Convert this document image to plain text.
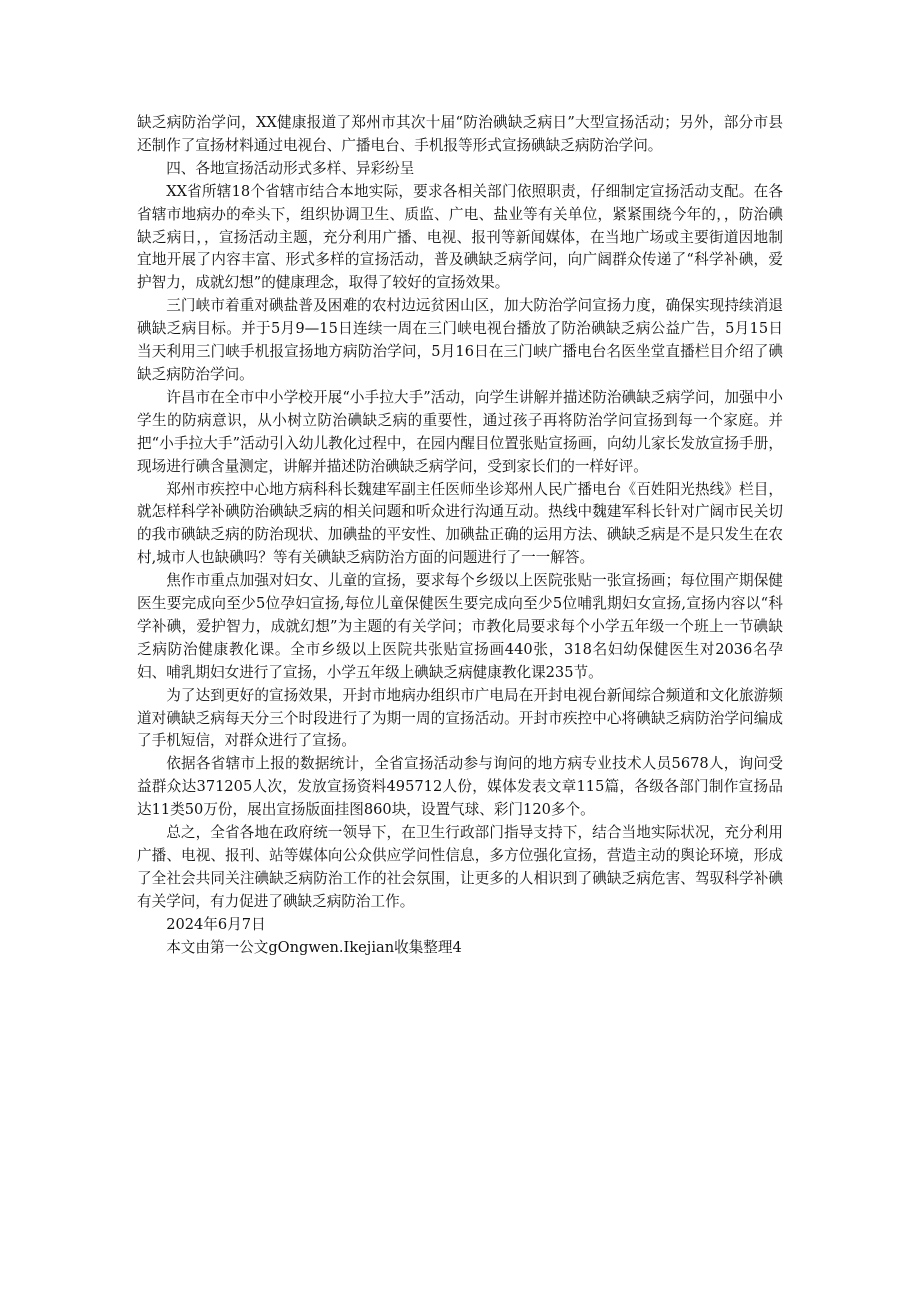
缺乏病防治学问，XX健康报道了郑州市其次十届“防治碘缺乏病日”大型宣扬活动；另外，部分市县还制作了宣扬材料通过电视台、广播电台、手机报等形式宣扬碘缺乏病防治学问。

四、各地宣扬活动形式多样、异彩纷呈

XX省所辖18个省辖市结合本地实际，要求各相关部门依照职责，仔细制定宣扬活动支配。在各省辖市地病办的牵头下，组织协调卫生、质监、广电、盐业等有关单位，紧紧围绕今年的，，防治碘缺乏病日，，宣扬活动主题，充分利用广播、电视、报刊等新闻媒体，在当地广场或主要街道因地制宜地开展了内容丰富、形式多样的宣扬活动，普及碘缺乏病学问，向广阔群众传递了“科学补碘，爱护智力，成就幻想”的健康理念，取得了较好的宣扬效果。

三门峡市着重对碘盐普及困难的农村边远贫困山区，加大防治学问宣扬力度，确保实现持续消退碘缺乏病目标。并于5月9—15日连续一周在三门峡电视台播放了防治碘缺乏病公益广告，5月15日当天利用三门峡手机报宣扬地方病防治学问，5月16日在三门峡广播电台名医坐堂直播栏目介绍了碘缺乏病防治学问。

许昌市在全市中小学校开展“小手拉大手”活动，向学生讲解并描述防治碘缺乏病学问，加强中小学生的防病意识，从小树立防治碘缺乏病的重要性，通过孩子再将防治学问宣扬到每一个家庭。并把“小手拉大手”活动引入幼儿教化过程中，在园内醒目位置张贴宣扬画，向幼儿家长发放宣扬手册，现场进行碘含量测定，讲解并描述防治碘缺乏病学问，受到家长们的一样好评。

郑州市疾控中心地方病科科长魏建军副主任医师坐诊郑州人民广播电台《百姓阳光热线》栏目，就怎样科学补碘防治碘缺乏病的相关问题和听众进行沟通互动。热线中魏建军科长针对广阔市民关切的我市碘缺乏病的防治现状、加碘盐的平安性、加碘盐正确的运用方法、碘缺乏病是不是只发生在农村,城市人也缺碘吗？等有关碘缺乏病防治方面的问题进行了一一解答。

焦作市重点加强对妇女、儿童的宣扬，要求每个乡级以上医院张贴一张宣扬画；每位围产期保健医生要完成向至少5位孕妇宣扬,每位儿童保健医生要完成向至少5位哺乳期妇女宣扬,宣扬内容以“科学补碘，爱护智力，成就幻想”为主题的有关学问；市教化局要求每个小学五年级一个班上一节碘缺乏病防治健康教化课。全市乡级以上医院共张贴宣扬画440张，318名妇幼保健医生对2036名孕妇、哺乳期妇女进行了宣扬，小学五年级上碘缺乏病健康教化课235节。

为了达到更好的宣扬效果，开封市地病办组织市广电局在开封电视台新闻综合频道和文化旅游频道对碘缺乏病每天分三个时段进行了为期一周的宣扬活动。开封市疾控中心将碘缺乏病防治学问编成了手机短信，对群众进行了宣扬。

依据各省辖市上报的数据统计，全省宣扬活动参与询问的地方病专业技术人员5678人，询问受益群众达371205人次，发放宣扬资料495712人份，媒体发表文章115篇，各级各部门制作宣扬品达11类50万份，展出宣扬版面挂图860块，设置气球、彩门120多个。

总之，全省各地在政府统一领导下，在卫生行政部门指导支持下，结合当地实际状况，充分利用广播、电视、报刊、站等媒体向公众供应学问性信息，多方位强化宣扬，营造主动的舆论环境，形成了全社会共同关注碘缺乏病防治工作的社会氛围，让更多的人相识到了碘缺乏病危害、驾驭科学补碘有关学问，有力促进了碘缺乏病防治工作。

2024年6月7日

本文由第一公文gOngwen.Ikejian收集整理4
